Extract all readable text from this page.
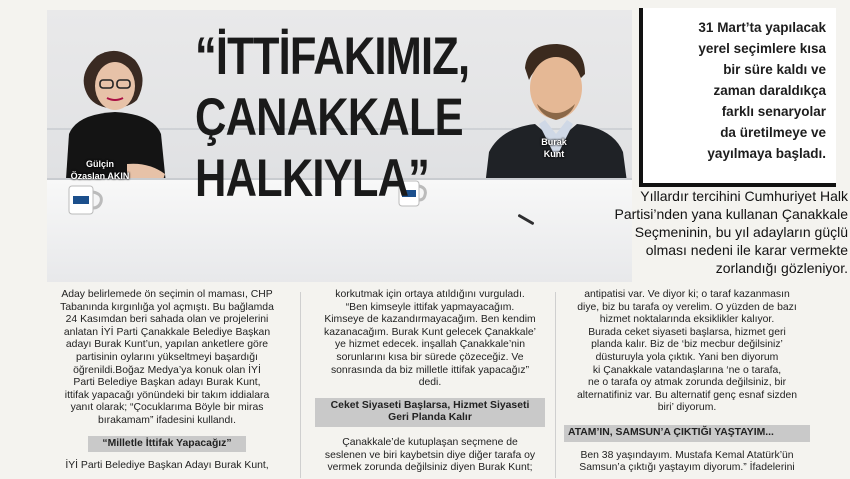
“İTTİFAKIMIZ,
ÇANAKKALE
HALKIYLA”
Gülçin
Özaslan AKIN
Burak
Kunt
31 Mart’ta yapılacak
yerel seçimlere kısa
bir süre kaldı ve
zaman daraldıkça
farklı senaryolar
da üretilmeye ve
yayılmaya başladı.
Yıllardır tercihini Cumhuriyet Halk
Partisi’nden yana kullanan Çanakkale
Seçmeninin, bu yıl adayların güçlü
olması nedeni ile karar vermekte
zorlandığı gözleniyor.

Aday belirlemede ön seçimin ol maması, CHP

Tabanında kırgınlığa yol açmıştı. Bu bağlamda

24 Kasımdan beri sahada olan ve projelerini

anlatan İYİ Parti Çanakkale Belediye Başkan

adayı Burak Kunt’un, yapılan anketlere göre

partisinin oylarını yükseltmeyi başardığı

öğrenildi.Boğaz Medya’ya konuk olan İYİ

Parti Belediye Başkan adayı Burak Kunt,

ittifak yapacağı yönündeki bir takım iddialara

yanıt olarak; “Çocuklarıma Böyle bir miras

bırakamam” ifadesini kullandı.

“Milletle İttifak Yapacağız”

İYİ Parti Belediye Başkan Adayı Burak Kunt,

korkutmak için ortaya atıldığını vurguladı.

“Ben kimseyle ittifak yapmayacağım.

Kimseye de kazandırmayacağım. Ben kendim

kazanacağım. Burak Kunt gelecek Çanakkale’

ye hizmet edecek. inşallah Çanakkale’nin

sorunlarını kısa bir sürede çözeceğiz. Ve

sonrasında da biz milletle ittifak yapacağız”

dedi.

Ceket Siyaseti Başlarsa, Hizmet Siyaseti
Geri Planda Kalır

Çanakkale’de kutuplaşan seçmene de

seslenen ve biri kaybetsin diye diğer tarafa oy

vermek zorunda değilsiniz diyen Burak Kunt;

antipatisi var. Ve diyor ki; o taraf kazanmasın

diye, biz bu tarafa oy verelim. O yüzden de bazı

hizmet noktalarında eksiklikler kalıyor.

Burada ceket siyaseti başlarsa, hizmet geri

planda kalır. Biz de ‘biz mecbur değilsiniz’

düsturuyla yola çıktık. Yani ben diyorum

ki Çanakkale vatandaşlarına ‘ne o tarafa,

ne o tarafa oy atmak zorunda değilsiniz, bir

alternatifiniz var. Bu alternatif genç esnaf sizden

biri’ diyorum.

ATAM’IN, SAMSUN’A ÇIKTIĞI YAŞTAYIM...

Ben 38 yaşındayım. Mustafa Kemal Atatürk’ün

Samsun’a çıktığı yaştayım diyorum.” İfadelerini
